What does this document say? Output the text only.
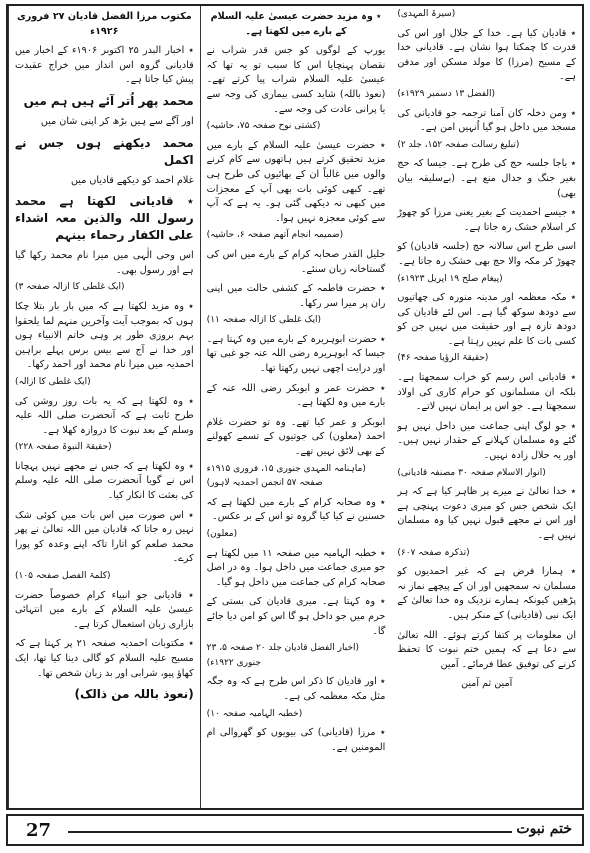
مکتوب مرزا الفضل قادیان ۲۷ فروری ۱۹۲۶ء

٭ اخبار البدر ۲۵ اکتوبر ۱۹۰۶ء کے اخبار میں قادیانی گروہ اس انداز میں خراج عقیدت پیش کیا جاتا ہے۔

محمد پھر اُتر آئے ہیں ہم میں

اور آگے سے ہیں بڑھ کر اپنی شان میں

محمد دیکھنے ہوں جس نے اکمل

غلام احمد کو دیکھے قادیاں میں

٭ قادیانی لکھتا ہے محمد رسول اللہ والذین معہ اشداء علی الکفار رحماء بینہم

اس وحی الٰہی میں میرا نام محمد رکھا گیا ہے اور رسول بھی۔

(ایک غلطی کا ازالہ صفحہ ۳)

٭ وہ مزید لکھتا ہے کہ میں بار بار بتلا چکا ہوں کہ بموجب آیت وآخرین منہم لما یلحقوا بہم بروزی طور پر وہی خاتم الانبیاء ہوں اور خدا نے آج سے بیس برس پہلے براہین احمدیہ میں میرا نام محمد اور احمد رکھا۔

(ایک غلطی کا ازالہ)

٭ وہ لکھتا ہے کہ یہ بات روز روشن کی طرح ثابت ہے کہ آنحضرت صلی اللہ علیہ وسلم کے بعد نبوت کا دروازہ کھلا ہے۔

(حقیقۃ النبوۃ صفحہ ۲۲۸)

٭ وہ لکھتا ہے کہ جس نے مجھے نہیں پہچانا اس نے گویا آنحضرت صلی اللہ علیہ وسلم کی بعثت کا انکار کیا۔

٭ اس صورت میں اس بات میں کوئی شک نہیں رہ جاتا کہ قادیان میں اللہ تعالیٰ نے پھر محمد صلعم کو اتارا تاکہ اپنے وعدہ کو پورا کرے۔

(کلمۃ الفصل صفحہ ۱۰۵)

٭ قادیانی جو انبیاء کرام خصوصاً حضرت عیسیٰ علیہ السلام کے بارے میں انتہائی بازاری زبان استعمال کرتا ہے۔

٭ مکتوبات احمدیہ صفحہ ۲۱ پر کہتا ہے کہ مسیح علیہ السلام کو گالی دینا کیا تھا، ایک کھاؤ پیو، شرابی اور بد زبان شخص تھا۔

(نعوذ باللہ من ذالک)

٭ وہ مزید حضرت عیسیٰ علیہ السلام کے بارے میں لکھتا ہے۔

یورپ کے لوگوں کو جس قدر شراب نے نقصان پہنچایا اس کا سبب تو یہ تھا کہ عیسیٰ علیہ السلام شراب پیا کرتے تھے۔ (نعوذ باللہ) شاید کسی بیماری کی وجہ سے یا پرانی عادت کی وجہ سے۔

(کشتی نوح صفحہ ۷۵، حاشیہ)

٭ حضرت عیسیٰ علیہ السلام کے بارے میں مزید تحقیق کرتے ہیں ہاتھوں سے کام کرنے والوں میں غالباً ان کے بھائیوں کی طرح ہی تھے۔ کبھی کوئی بات بھی آپ کے معجزات میں کبھی نہ دیکھی گئی ہو۔ یہ ہے کہ آپ سے کوئی معجزہ نہیں ہوا۔

(ضمیمہ انجام آتھم صفحہ ۶، حاشیہ)

جلیل القدر صحابہ کرام کے بارے میں اس کی گستاخانہ زبان سنئے۔

٭ حضرت فاطمہ کے کشفی حالت میں اپنی ران پر میرا سر رکھا۔

(ایک غلطی کا ازالہ صفحہ ۱۱)

٭ حضرت ابوہریرہ کے بارے میں وہ کہتا ہے۔ جیسا کہ ابوہریرہ رضی اللہ عنہ جو غبی تھا اور درایت اچھی نہیں رکھتا تھا۔

٭ حضرت عمر و ابوبکر رضی اللہ عنہ کے بارے میں وہ لکھتا ہے۔

ابوبکر و عمر کیا تھے۔ وہ تو حضرت غلام احمد (معلون) کی جوتیوں کے تسمے کھولنے کے بھی لائق نہیں تھے۔

(ماہنامہ المہدی جنوری ۱۵، فروری ۱۹۱۵ء صفحہ ۵۷ انجمن احمدیہ لاہور)

٭ وہ صحابہ کرام کے بارے میں لکھتا ہے کہ حسنین نے کیا کیا گروہ تو اس کے بر عکس۔

(معلون)

٭ خطبہ الہامیہ میں صفحہ ۱۱ میں لکھتا ہے جو میری جماعت میں داخل ہوا۔ وہ در اصل صحابہ کرام کی جماعت میں داخل ہو گیا۔

٭ وہ کہتا ہے۔ میری قادیان کی بستی کے حرم میں جو داخل ہو گا اس کو امن دیا جائے گا۔

(اخبار الفضل قادیان جلد ۲۰ صفحہ ۵، ۲۳ جنوری ۱۹۲۲ء)

٭ اور قادیان کا ذکر اس طرح ہے کہ وہ جگہ مثل مکہ معظمہ کی ہے۔

(خطبہ الہامیہ صفحہ ۱۰)

٭ مرزا (قادیانی) کی بیویوں کو گھروالی ام المومنین ہے۔

(سیرۃ المہدی)

٭ قادیان کیا ہے۔ خدا کے جلال اور اس کی قدرت کا چمکتا ہوا نشان ہے۔ قادیانی خدا کے مسیح (مرزا) کا مولد مسکن اور مدفن ہے۔

(الفضل ۱۳ دسمبر ۱۹۲۹ء)

٭ ومن دخلہ کان آمنا ترجمہ جو قادیانی کی مسجد میں داخل ہو گیا اُنہیں امن ہے۔

(تبلیغ رسالت صفحہ ۱۵۲، جلد ۲)

٭ باجا جلسہ حج کی طرح ہے۔ جیسا کہ حج بغیر جنگ و جدال منع ہے۔ (بےسلیقہ بیان بھی)

٭ جیسے احمدیت کے بغیر یعنی مرزا کو چھوڑ کر اسلام خشک رہ جاتا ہے۔

اسی طرح اس سالانہ حج (جلسہ قادیان) کو چھوڑ کر مکہ والا حج بھی خشک رہ جاتا ہے۔

(پیغام صلح ۱۹ اپریل ۱۹۲۳ء)

٭ مکہ معظمہ اور مدینہ منورہ کی چھاتیوں سے دودھ سوکھ گیا ہے۔ اس لئے قادیان کی دودھ تازہ ہے اور حقیقت میں نہیں جن کو کسی بات کا علم نہیں رہتا ہے۔

(حقیقۃ الرؤیا صفحہ ۴۶)

٭ قادیانی اس رسم کو خراب سمجھتا ہے۔ بلکہ ان مسلمانوں کو حرام کاری کی اولاد سمجھتا ہے۔ جو اس پر ایمان نہیں لاتے۔

٭ جو لوگ اپنی جماعت میں داخل نہیں ہو گئے وہ مسلمان کہلانے کے حقدار نہیں ہیں۔ اور یہ حلال زادہ نہیں۔

(انوار الاسلام صفحہ ۳۰ مصنفہ قادیانی)

٭ خدا تعالیٰ نے میرے پر ظاہر کیا ہے کہ ہر ایک شخص جس کو میری دعوت پہنچی ہے اور اس نے مجھے قبول نہیں کیا وہ مسلمان نہیں ہے۔

(تذکرہ صفحہ ۶۰۷)

٭ ہمارا فرض ہے کہ غیر احمدیوں کو مسلمان نہ سمجھیں اور ان کے پیچھے نماز نہ پڑھیں کیونکہ ہمارے نزدیک وہ خدا تعالیٰ کے ایک نبی (قادیانی) کے منکر ہیں۔

ان معلومات پر کتفا کرتے ہوئے۔ اللہ تعالیٰ سے دعا ہے کہ ہمیں ختم نبوت کا تحفظ کرنے کی توفیق عطا فرمائے۔ آمین

آمین ثم آمین

ختم نبوت
27
